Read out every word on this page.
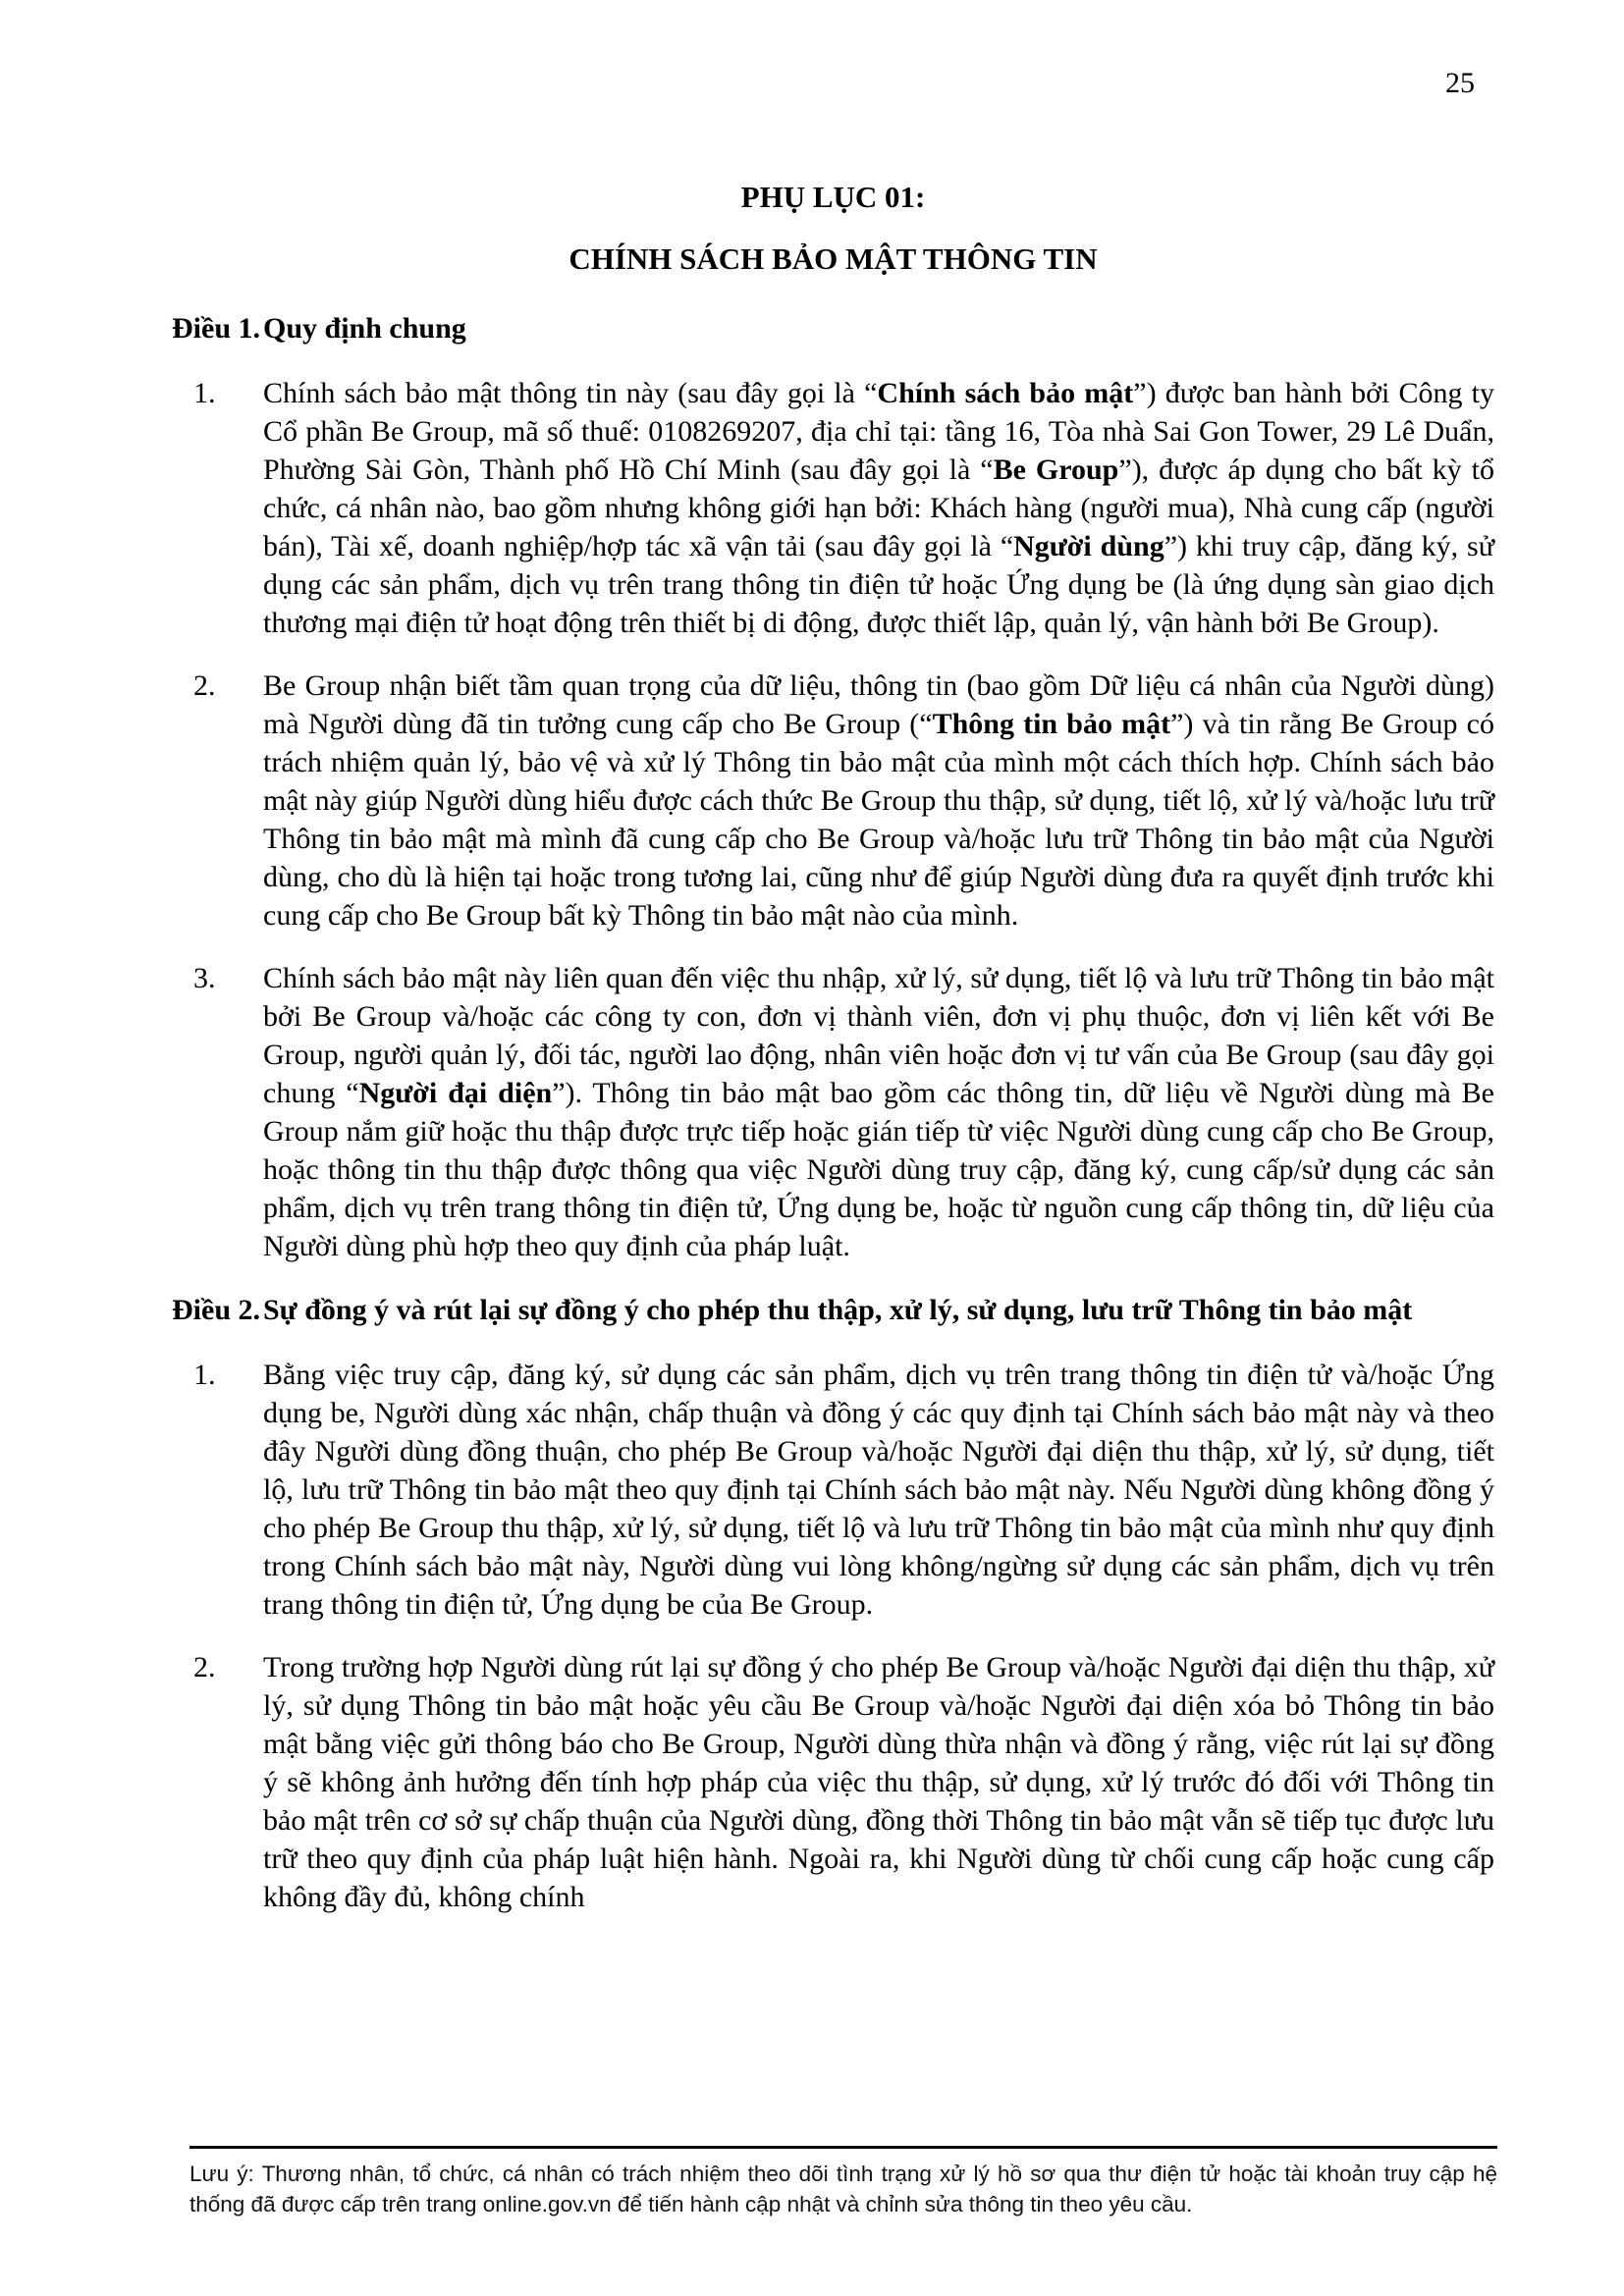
25
PHỤ LỤC 01:
CHÍNH SÁCH BẢO MẬT THÔNG TIN
Điều 1. Quy định chung
1.	Chính sách bảo mật thông tin này (sau đây gọi là “Chính sách bảo mật”) được ban hành bởi Công ty Cổ phần Be Group, mã số thuế: 0108269207, địa chỉ tại: tầng 16, Tòa nhà Sai Gon Tower, 29 Lê Duẩn, Phường Sài Gòn, Thành phố Hồ Chí Minh (sau đây gọi là “Be Group”), được áp dụng cho bất kỳ tổ chức, cá nhân nào, bao gồm nhưng không giới hạn bởi: Khách hàng (người mua), Nhà cung cấp (người bán), Tài xế, doanh nghiệp/hợp tác xã vận tải (sau đây gọi là “Người dùng”) khi truy cập, đăng ký, sử dụng các sản phẩm, dịch vụ trên trang thông tin điện tử hoặc Ứng dụng be (là ứng dụng sàn giao dịch thương mại điện tử hoạt động trên thiết bị di động, được thiết lập, quản lý, vận hành bởi Be Group).
2.	Be Group nhận biết tầm quan trọng của dữ liệu, thông tin (bao gồm Dữ liệu cá nhân của Người dùng) mà Người dùng đã tin tưởng cung cấp cho Be Group (“Thông tin bảo mật”) và tin rằng Be Group có trách nhiệm quản lý, bảo vệ và xử lý Thông tin bảo mật của mình một cách thích hợp. Chính sách bảo mật này giúp Người dùng hiểu được cách thức Be Group thu thập, sử dụng, tiết lộ, xử lý và/hoặc lưu trữ Thông tin bảo mật mà mình đã cung cấp cho Be Group và/hoặc lưu trữ Thông tin bảo mật của Người dùng, cho dù là hiện tại hoặc trong tương lai, cũng như để giúp Người dùng đưa ra quyết định trước khi cung cấp cho Be Group bất kỳ Thông tin bảo mật nào của mình.
3.	Chính sách bảo mật này liên quan đến việc thu nhập, xử lý, sử dụng, tiết lộ và lưu trữ Thông tin bảo mật bởi Be Group và/hoặc các công ty con, đơn vị thành viên, đơn vị phụ thuộc, đơn vị liên kết với Be Group, người quản lý, đối tác, người lao động, nhân viên hoặc đơn vị tư vấn của Be Group (sau đây gọi chung “Người đại diện”). Thông tin bảo mật bao gồm các thông tin, dữ liệu về Người dùng mà Be Group nắm giữ hoặc thu thập được trực tiếp hoặc gián tiếp từ việc Người dùng cung cấp cho Be Group, hoặc thông tin thu thập được thông qua việc Người dùng truy cập, đăng ký, cung cấp/sử dụng các sản phẩm, dịch vụ trên trang thông tin điện tử, Ứng dụng be, hoặc từ nguồn cung cấp thông tin, dữ liệu của Người dùng phù hợp theo quy định của pháp luật.
Điều 2. Sự đồng ý và rút lại sự đồng ý cho phép thu thập, xử lý, sử dụng, lưu trữ Thông tin bảo mật
1.	Bằng việc truy cập, đăng ký, sử dụng các sản phẩm, dịch vụ trên trang thông tin điện tử và/hoặc Ứng dụng be, Người dùng xác nhận, chấp thuận và đồng ý các quy định tại Chính sách bảo mật này và theo đây Người dùng đồng thuận, cho phép Be Group và/hoặc Người đại diện thu thập, xử lý, sử dụng, tiết lộ, lưu trữ Thông tin bảo mật theo quy định tại Chính sách bảo mật này. Nếu Người dùng không đồng ý cho phép Be Group thu thập, xử lý, sử dụng, tiết lộ và lưu trữ Thông tin bảo mật của mình như quy định trong Chính sách bảo mật này, Người dùng vui lòng không/ngừng sử dụng các sản phẩm, dịch vụ trên trang thông tin điện tử, Ứng dụng be của Be Group.
2.	Trong trường hợp Người dùng rút lại sự đồng ý cho phép Be Group và/hoặc Người đại diện thu thập, xử lý, sử dụng Thông tin bảo mật hoặc yêu cầu Be Group và/hoặc Người đại diện xóa bỏ Thông tin bảo mật bằng việc gửi thông báo cho Be Group, Người dùng thừa nhận và đồng ý rằng, việc rút lại sự đồng ý sẽ không ảnh hưởng đến tính hợp pháp của việc thu thập, sử dụng, xử lý trước đó đối với Thông tin bảo mật trên cơ sở sự chấp thuận của Người dùng, đồng thời Thông tin bảo mật vẫn sẽ tiếp tục được lưu trữ theo quy định của pháp luật hiện hành. Ngoài ra, khi Người dùng từ chối cung cấp hoặc cung cấp không đầy đủ, không chính
Lưu ý: Thương nhân, tổ chức, cá nhân có trách nhiệm theo dõi tình trạng xử lý hồ sơ qua thư điện tử hoặc tài khoản truy cập hệ thống đã được cấp trên trang online.gov.vn để tiến hành cập nhật và chỉnh sửa thông tin theo yêu cầu.
